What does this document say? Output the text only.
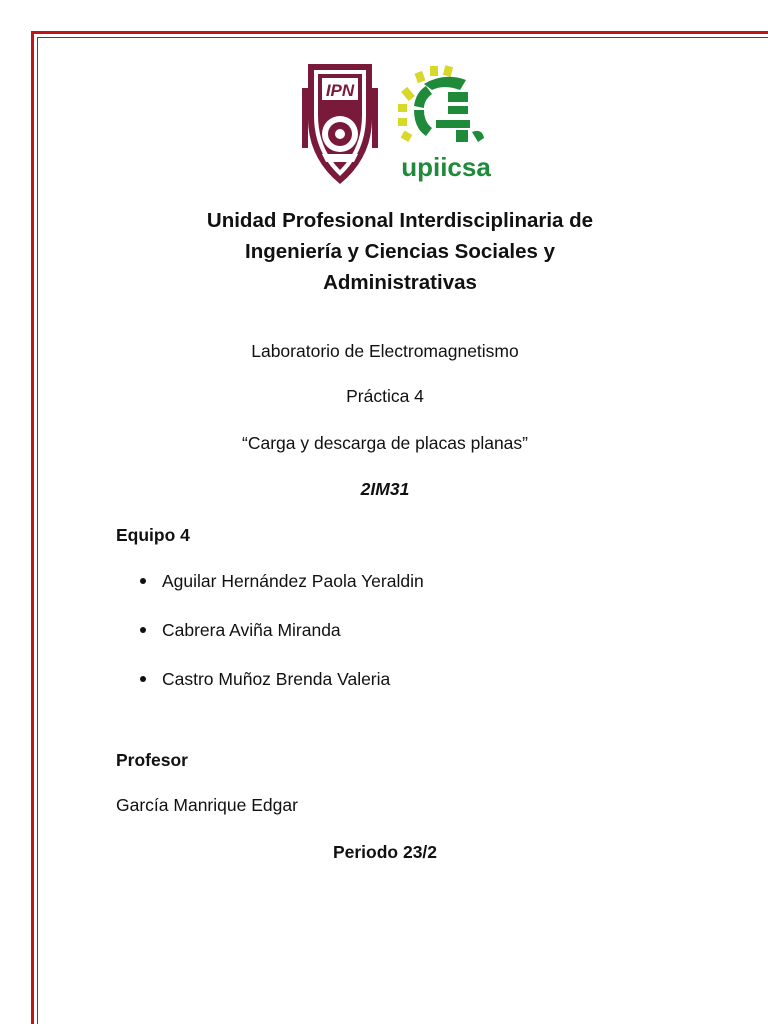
IPN
upiicsa
Unidad Profesional Interdisciplinaria de
Ingeniería y Ciencias Sociales y
Administrativas

Laboratorio de Electromagnetismo

Práctica 4

“Carga y descarga de placas planas”

2IM31

Equipo 4

Aguilar Hernández Paola Yeraldin
Cabrera Aviña Miranda
Castro Muñoz Brenda Valeria

Profesor

García Manrique Edgar

Periodo 23/2
